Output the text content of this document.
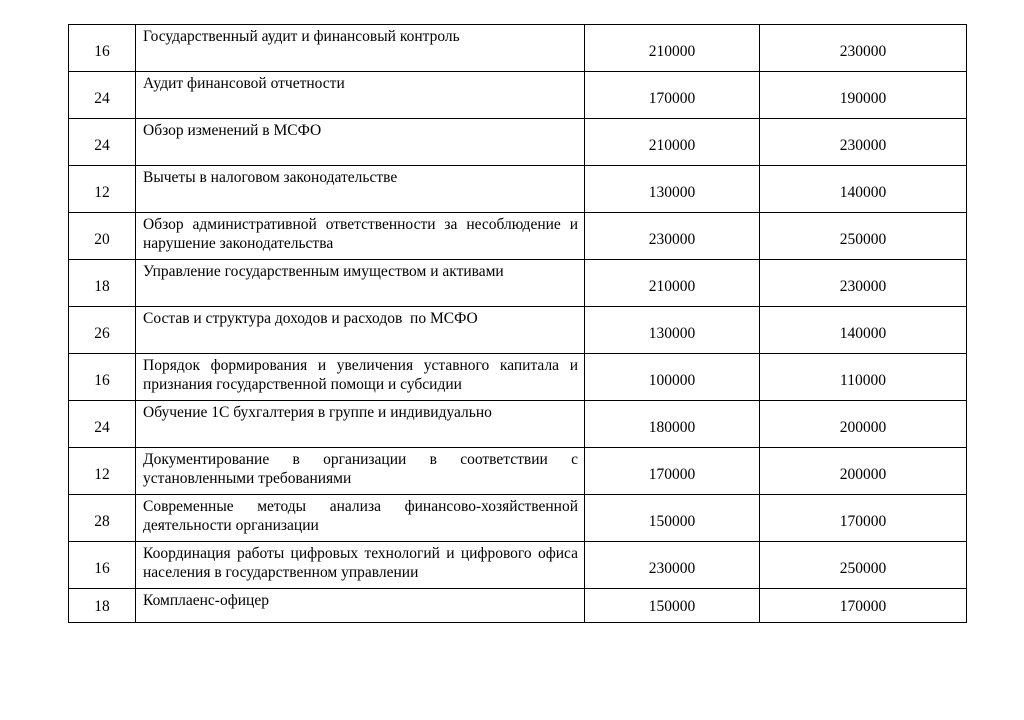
16	Государственный аудит и финансовый контроль	210000	230000
24	Аудит финансовой отчетности	170000	190000
24	Обзор изменений в МСФО	210000	230000
12	Вычеты в налоговом законодательстве	130000	140000
20	Обзор административной ответственности за несоблюдение и нарушение законодательства	230000	250000
18	Управление государственным имуществом и активами	210000	230000
26	Состав и структура доходов и расходов  по МСФО	130000	140000
16	Порядок формирования и увеличения уставного капитала и признания государственной помощи и субсидии	100000	110000
24	Обучение 1С бухгалтерия в группе и индивидуально	180000	200000
12	Документирование в организации в соответствии с установленными требованиями	170000	200000
28	Современные методы анализа финансово-хозяйственной деятельности организации	150000	170000
16	Координация работы цифровых технологий и цифрового офиса населения в государственном управлении	230000	250000
18	Комплаенс-офицер	150000	170000
